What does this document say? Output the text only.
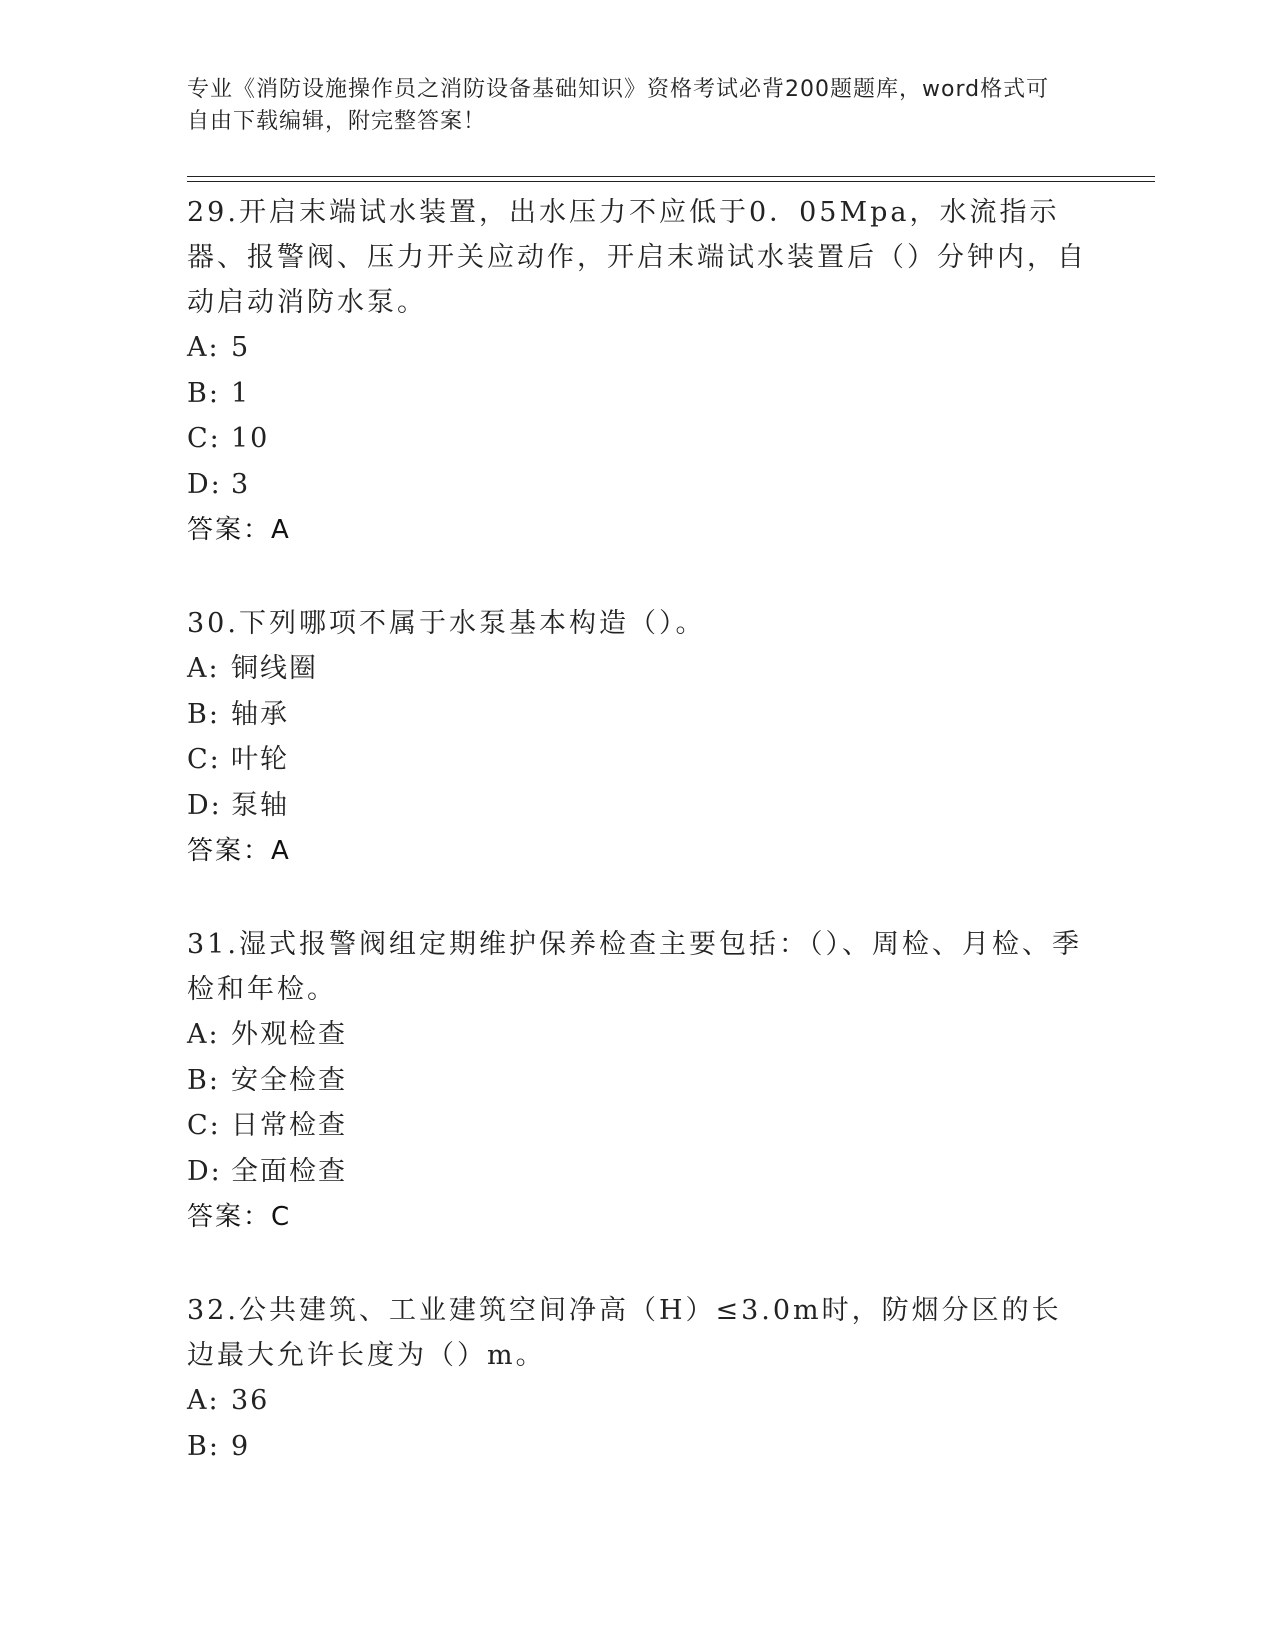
专业《消防设施操作员之消防设备基础知识》资格考试必背200题题库，word格式可自由下载编辑，附完整答案！
29.开启末端试水装置，出水压力不应低于0．05Mpa，水流指示器、报警阀、压力开关应动作，开启末端试水装置后（）分钟内，自动启动消防水泵。
A: 5
B: 1
C: 10
D: 3
答案：A
30.下列哪项不属于水泵基本构造（）。
A: 铜线圈
B: 轴承
C: 叶轮
D: 泵轴
答案：A
31.湿式报警阀组定期维护保养检查主要包括：（）、周检、月检、季检和年检。
A: 外观检查
B: 安全检查
C: 日常检查
D: 全面检查
答案：C
32.公共建筑、工业建筑空间净高（H）≤3.0m时，防烟分区的长边最大允许长度为（）m。
A: 36
B: 9
